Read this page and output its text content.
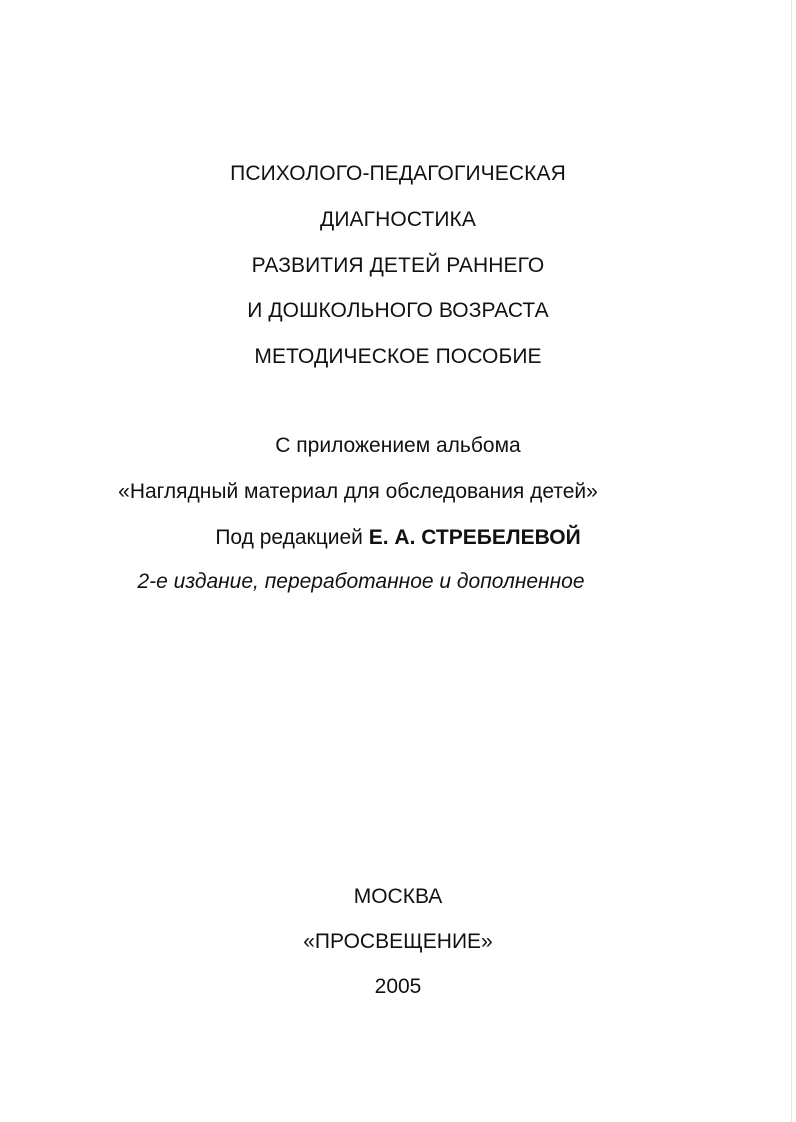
ПСИХОЛОГО-ПЕДАГОГИЧЕСКАЯ
ДИАГНОСТИКА
РАЗВИТИЯ ДЕТЕЙ РАННЕГО
И ДОШКОЛЬНОГО ВОЗРАСТА
МЕТОДИЧЕСКОЕ ПОСОБИЕ
С приложением альбома
«Наглядный материал для обследования детей»
Под редакцией Е. А. СТРЕБЕЛЕВОЙ
2-е издание, переработанное и дополненное
МОСКВА
«ПРОСВЕЩЕНИЕ»
2005
